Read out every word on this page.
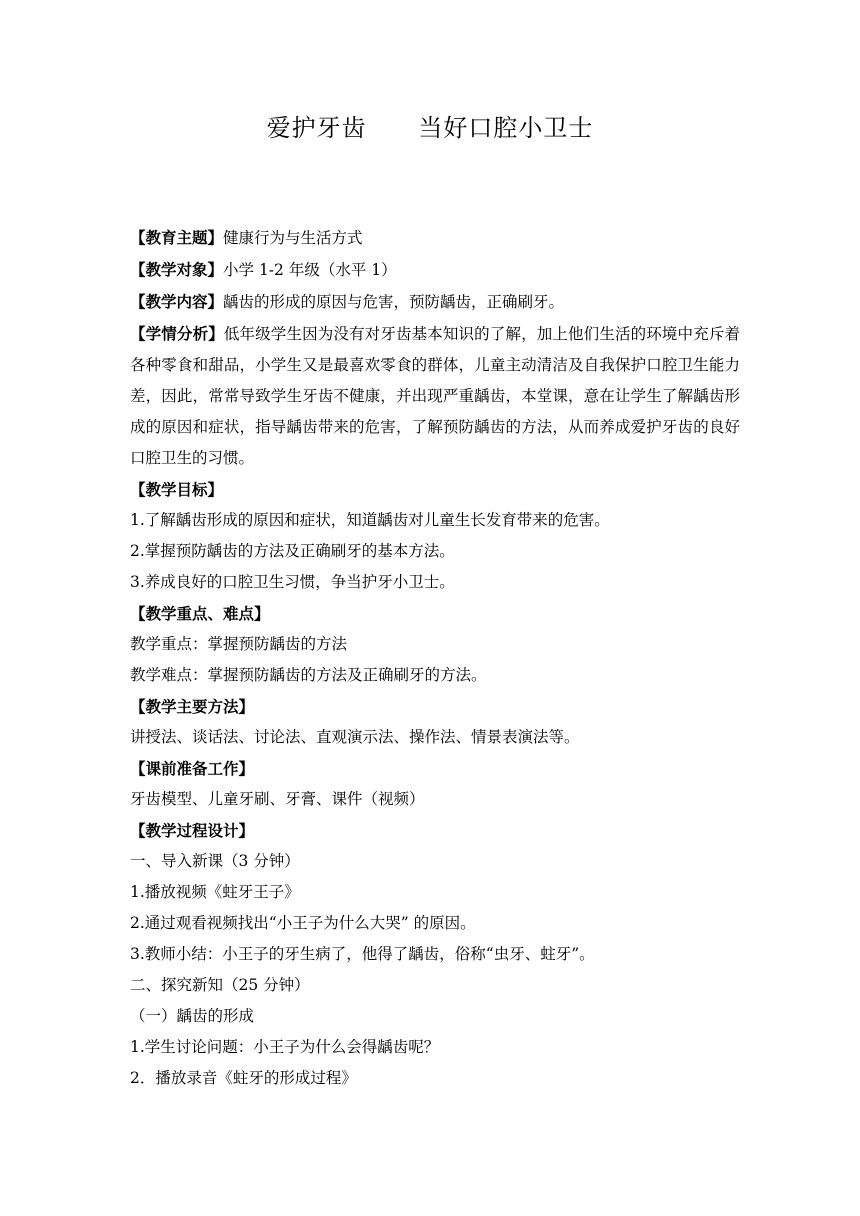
爱护牙齿      当好口腔小卫士

【教育主题】健康行为与生活方式

【教学对象】小学 1-2 年级（水平 1）

【教学内容】龋齿的形成的原因与危害，预防龋齿，正确刷牙。

【学情分析】低年级学生因为没有对牙齿基本知识的了解，加上他们生活的环境中充斥着各种零食和甜品，小学生又是最喜欢零食的群体，儿童主动清洁及自我保护口腔卫生能力差，因此，常常导致学生牙齿不健康，并出现严重龋齿，本堂课，意在让学生了解龋齿形成的原因和症状，指导龋齿带来的危害，了解预防龋齿的方法，从而养成爱护牙齿的良好口腔卫生的习惯。

【教学目标】

1.了解龋齿形成的原因和症状，知道龋齿对儿童生长发育带来的危害。

2.掌握预防龋齿的方法及正确刷牙的基本方法。

3.养成良好的口腔卫生习惯，争当护牙小卫士。

【教学重点、难点】

教学重点：掌握预防龋齿的方法

教学难点：掌握预防龋齿的方法及正确刷牙的方法。

【教学主要方法】

讲授法、谈话法、讨论法、直观演示法、操作法、情景表演法等。

【课前准备工作】

牙齿模型、儿童牙刷、牙膏、课件（视频）

【教学过程设计】

一、导入新课（3 分钟）

1.播放视频《蛀牙王子》

2.通过观看视频找出“小王子为什么大哭” 的原因。

3.教师小结：小王子的牙生病了，他得了龋齿，俗称“虫牙、蛀牙”。

二、探究新知（25 分钟）

（一）龋齿的形成

1.学生讨论问题：小王子为什么会得龋齿呢？

2．播放录音《蛀牙的形成过程》
